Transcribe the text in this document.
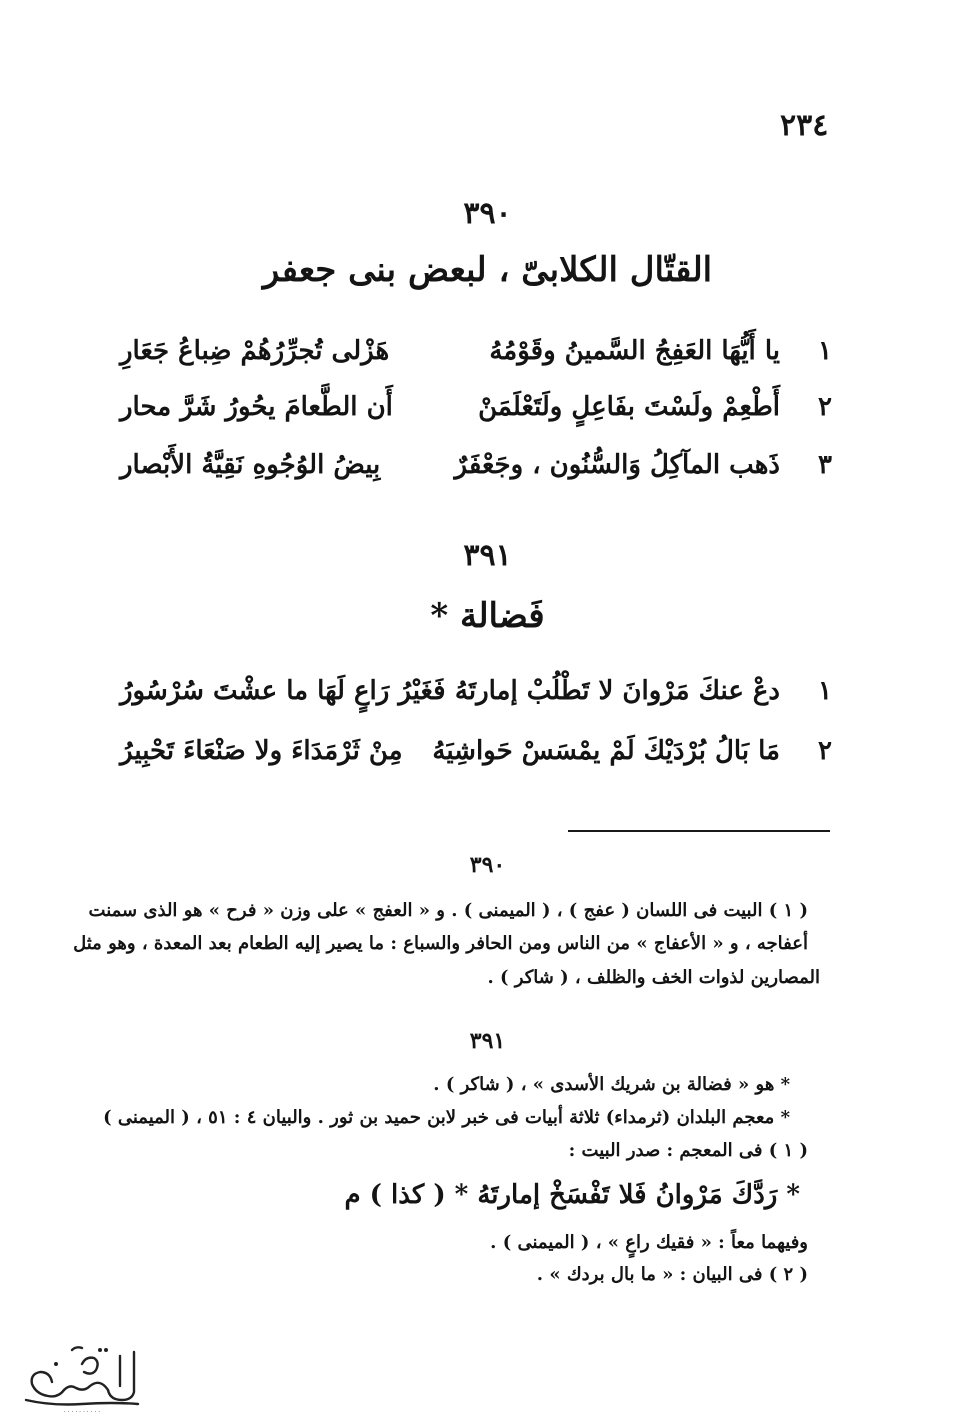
٢٣٤
٣٩٠
القتّال الكلابىّ ، لبعض بنى جعفر
١
يا أَيُّهَا العَفِجُ السَّمينُ وقَوْمُهُ
هَزْلى تُجرِّرُهُمْ ضِباعُ جَعَارِ
٢
أَطْعِمْ ولَسْتَ بفَاعِلٍ ولَتَعْلَمَنْ
أَن الطَّعامَ يحُورُ شَرَّ محار
٣
ذَهب المآكِلُ وَالسُّنُون ، وجَعْفَرٌ
بِيضُ الوُجُوهِ نَقِيَّةُ الأَبْصار
٣٩١
فَضالة *
١
دعْ عنكَ مَرْوانَ لا تَطْلُبْ إمارتَهُ
فَغَيْرُ رَاعٍ لَهَا ما عشْتَ سُرْسُورُ
٢
مَا بَالُ بُرْدَيْكَ لَمْ يمْسَسْ حَواشِيَهُ
مِنْ ثَرْمَدَاءَ ولا صَنْعَاءَ تَحْبِيرُ
٣٩٠
( ١ ) البيت فى اللسان ( عفج ) ، ( الميمنى ) . و « العفج » على وزن « فرح » هو الذى سمنت
أعفاجه ، و « الأعفاج » من الناس ومن الحافر والسباع : ما يصير إليه الطعام بعد المعدة ، وهو مثل
المصارين لذوات الخف والظلف ، ( شاكر ) .
٣٩١
* هو « فضالة بن شريك الأسدى » ، ( شاكر ) .
* معجم البلدان (ثرمداء) ثلاثة أبيات فى خبر لابن حميد بن ثور . والبيان ٤ : ٥١ ، ( الميمنى )
( ١ ) فى المعجم : صدر البيت :
* رَدَّكَ مَرْوانُ فَلا تَفْسَخْ إمارتَهُ * ( كذا ) م
وفيهما معاً : « فقيك راعٍ » ، ( الميمنى ) .
( ٢ ) فى البيان : « ما بال بردك » .
. . . . . . . . . .
